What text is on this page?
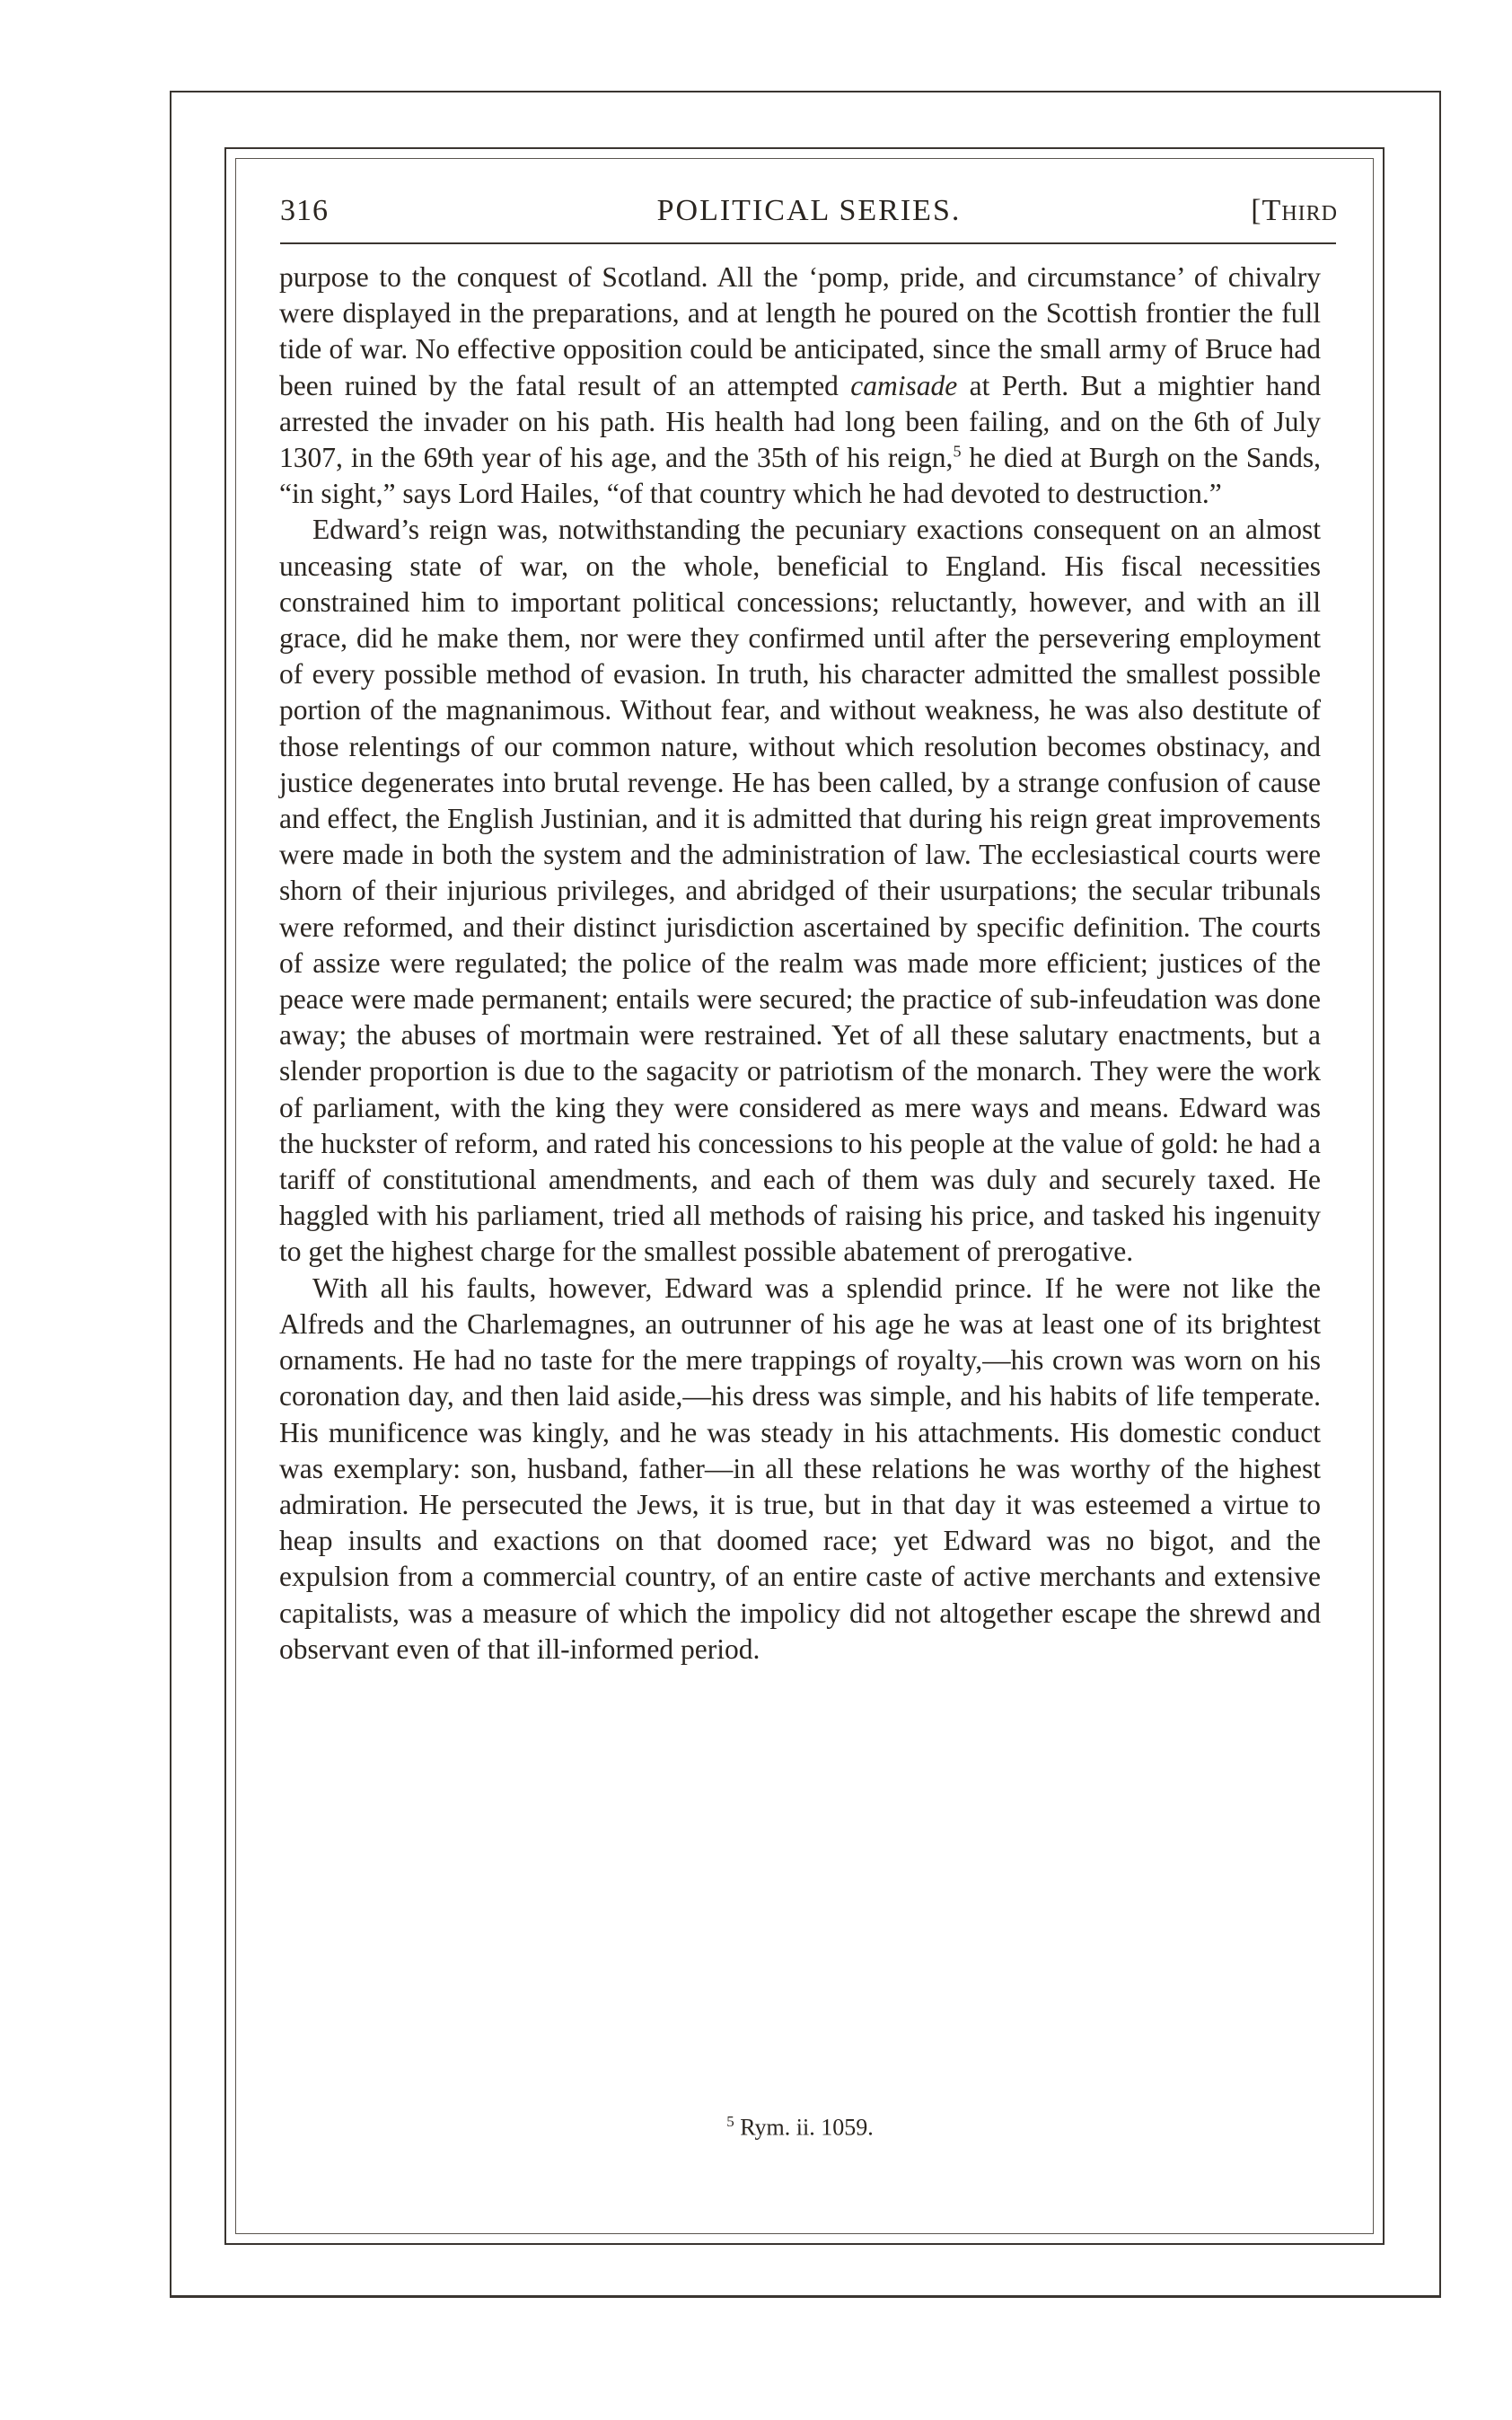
316	POLITICAL SERIES.	[Third

purpose to the conquest of Scotland. All the ‘pomp, pride, and circumstance’ of chivalry were displayed in the preparations, and at length he poured on the Scottish frontier the full tide of war. No effective opposition could be anticipated, since the small army of Bruce had been ruined by the fatal result of an attempted camisade at Perth. But a mightier hand arrested the invader on his path. His health had long been failing, and on the 6th of July 1307, in the 69th year of his age, and the 35th of his reign,$^5$ he died at Burgh on the Sands, “in sight,” says Lord Hailes, “of that country which he had devoted to destruction.”

Edward’s reign was, notwithstanding the pecuniary exactions consequent on an almost unceasing state of war, on the whole, beneficial to England. His fiscal necessities constrained him to important political concessions; reluctantly, however, and with an ill grace, did he make them, nor were they confirmed until after the persevering employment of every possible method of evasion. In truth, his character admitted the smallest possible portion of the magnanimous. Without fear, and without weakness, he was also destitute of those relentings of our common nature, without which resolution becomes obstinacy, and justice degenerates into brutal revenge. He has been called, by a strange confusion of cause and effect, the English Justinian, and it is admitted that during his reign great improvements were made in both the system and the administration of law. The ecclesiastical courts were shorn of their injurious privileges, and abridged of their usurpations; the secular tribunals were reformed, and their distinct jurisdiction ascertained by specific definition. The courts of assize were regulated; the police of the realm was made more efficient; justices of the peace were made permanent; entails were secured; the practice of sub-infeudation was done away; the abuses of mortmain were restrained. Yet of all these salutary enactments, but a slender proportion is due to the sagacity or patriotism of the monarch. They were the work of parliament, with the king they were considered as mere ways and means. Edward was the huckster of reform, and rated his concessions to his people at the value of gold: he had a tariff of constitutional amendments, and each of them was duly and securely taxed. He haggled with his parliament, tried all methods of raising his price, and tasked his ingenuity to get the highest charge for the smallest possible abatement of prerogative.

With all his faults, however, Edward was a splendid prince. If he were not like the Alfreds and the Charlemagnes, an outrunner of his age he was at least one of its brightest ornaments. He had no taste for the mere trappings of royalty,—his crown was worn on his coronation day, and then laid aside,—his dress was simple, and his habits of life temperate. His munificence was kingly, and he was steady in his attachments. His domestic conduct was exemplary: son, husband, father—in all these relations he was worthy of the highest admiration. He persecuted the Jews, it is true, but in that day it was esteemed a virtue to heap insults and exactions on that doomed race; yet Edward was no bigot, and the expulsion from a commercial country, of an entire caste of active merchants and extensive capitalists, was a measure of which the impolicy did not altogether escape the shrewd and observant even of that ill-informed period.

$^5$ Rym. ii. 1059.
